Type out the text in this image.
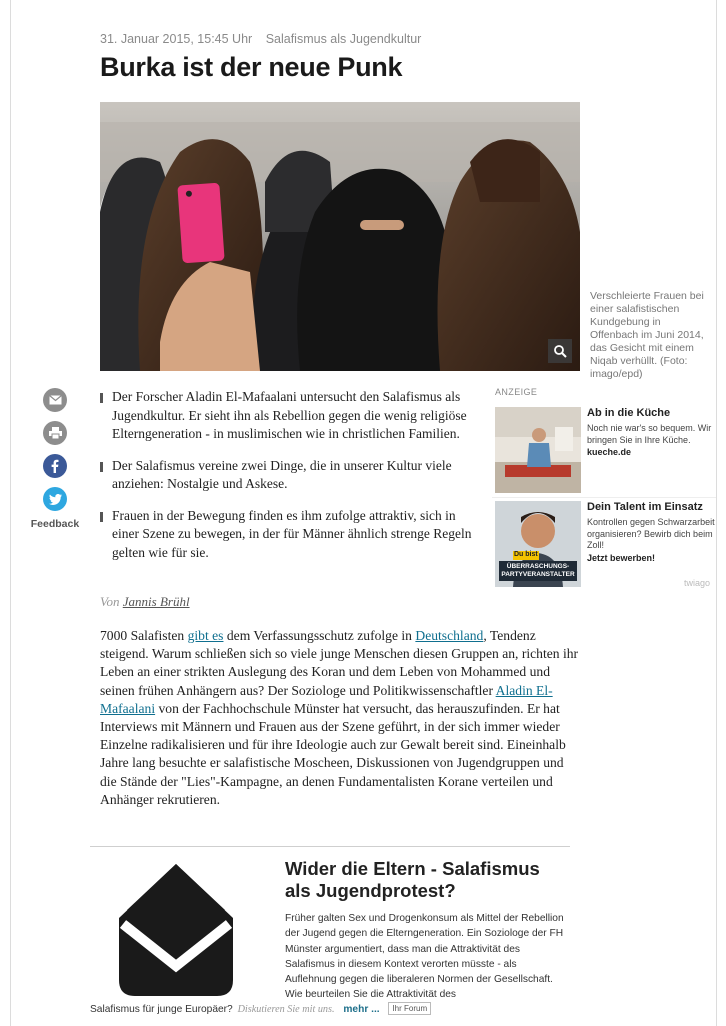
31. Januar 2015, 15:45 Uhr Salafismus als Jugendkultur
Burka ist der neue Punk
Verschleierte Frauen bei einer salafistischen Kundgebung in Offenbach im Juni 2014, das Gesicht mit einem Niqab verhüllt. (Foto: imago/epd)
Feedback

Der Forscher Aladin El-Mafaalani untersucht den Salafismus als Jugendkultur. Er sieht ihn als Rebellion gegen die wenig religiöse Elterngeneration - in muslimischen wie in christlichen Familien.

Der Salafismus vereine zwei Dinge, die in unserer Kultur viele anziehen: Nostalgie und Askese.

Frauen in der Bewegung finden es ihm zufolge attraktiv, sich in einer Szene zu bewegen, in der für Männer ähnlich strenge Regeln gelten wie für sie.

Von Jannis Brühl

7000 Salafisten gibt es dem Verfassungsschutz zufolge in Deutschland, Tendenz steigend. Warum schließen sich so viele junge Menschen diesen Gruppen an, richten ihr Leben an einer strikten Auslegung des Koran und dem Leben von Mohammed und seinen frühen Anhängern aus? Der Soziologe und Politikwissenschaftler Aladin El-Mafaalani von der Fachhochschule Münster hat versucht, das herauszufinden. Er hat Interviews mit Männern und Frauen aus der Szene geführt, in der sich immer wieder Einzelne radikalisieren und für ihre Ideologie auch zur Gewalt bereit sind. Eineinhalb Jahre lang besuchte er salafistische Moscheen, Diskussionen von Jugendgruppen und die Stände der "Lies"-Kampagne, an denen Fundamentalisten Korane verteilen und Anhänger rekrutieren.

ANZEIGE
Ab in die Küche
Noch nie war's so bequem. Wir bringen Sie in Ihre Küche.
kueche.de
Du bist
ÜBERRASCHUNGS-PARTYVERANSTALTER
Dein Talent im Einsatz
Kontrollen gegen Schwarzarbeit organisieren? Bewirb dich beim Zoll!
Jetzt bewerben!
twiago
Wider die Eltern - Salafismus als Jugendprotest?
Früher galten Sex und Drogenkonsum als Mittel der Rebellion der Jugend gegen die Elterngeneration. Ein Soziologe der FH Münster argumentiert, dass man die Attraktivität des Salafismus in diesem Kontext verorten müsste - als Auflehnung gegen die liberaleren Normen der Gesellschaft. Wie beurteilen Sie die Attraktivität des
Salafismus für junge Europäer? Diskutieren Sie mit uns. mehr ... Ihr Forum
